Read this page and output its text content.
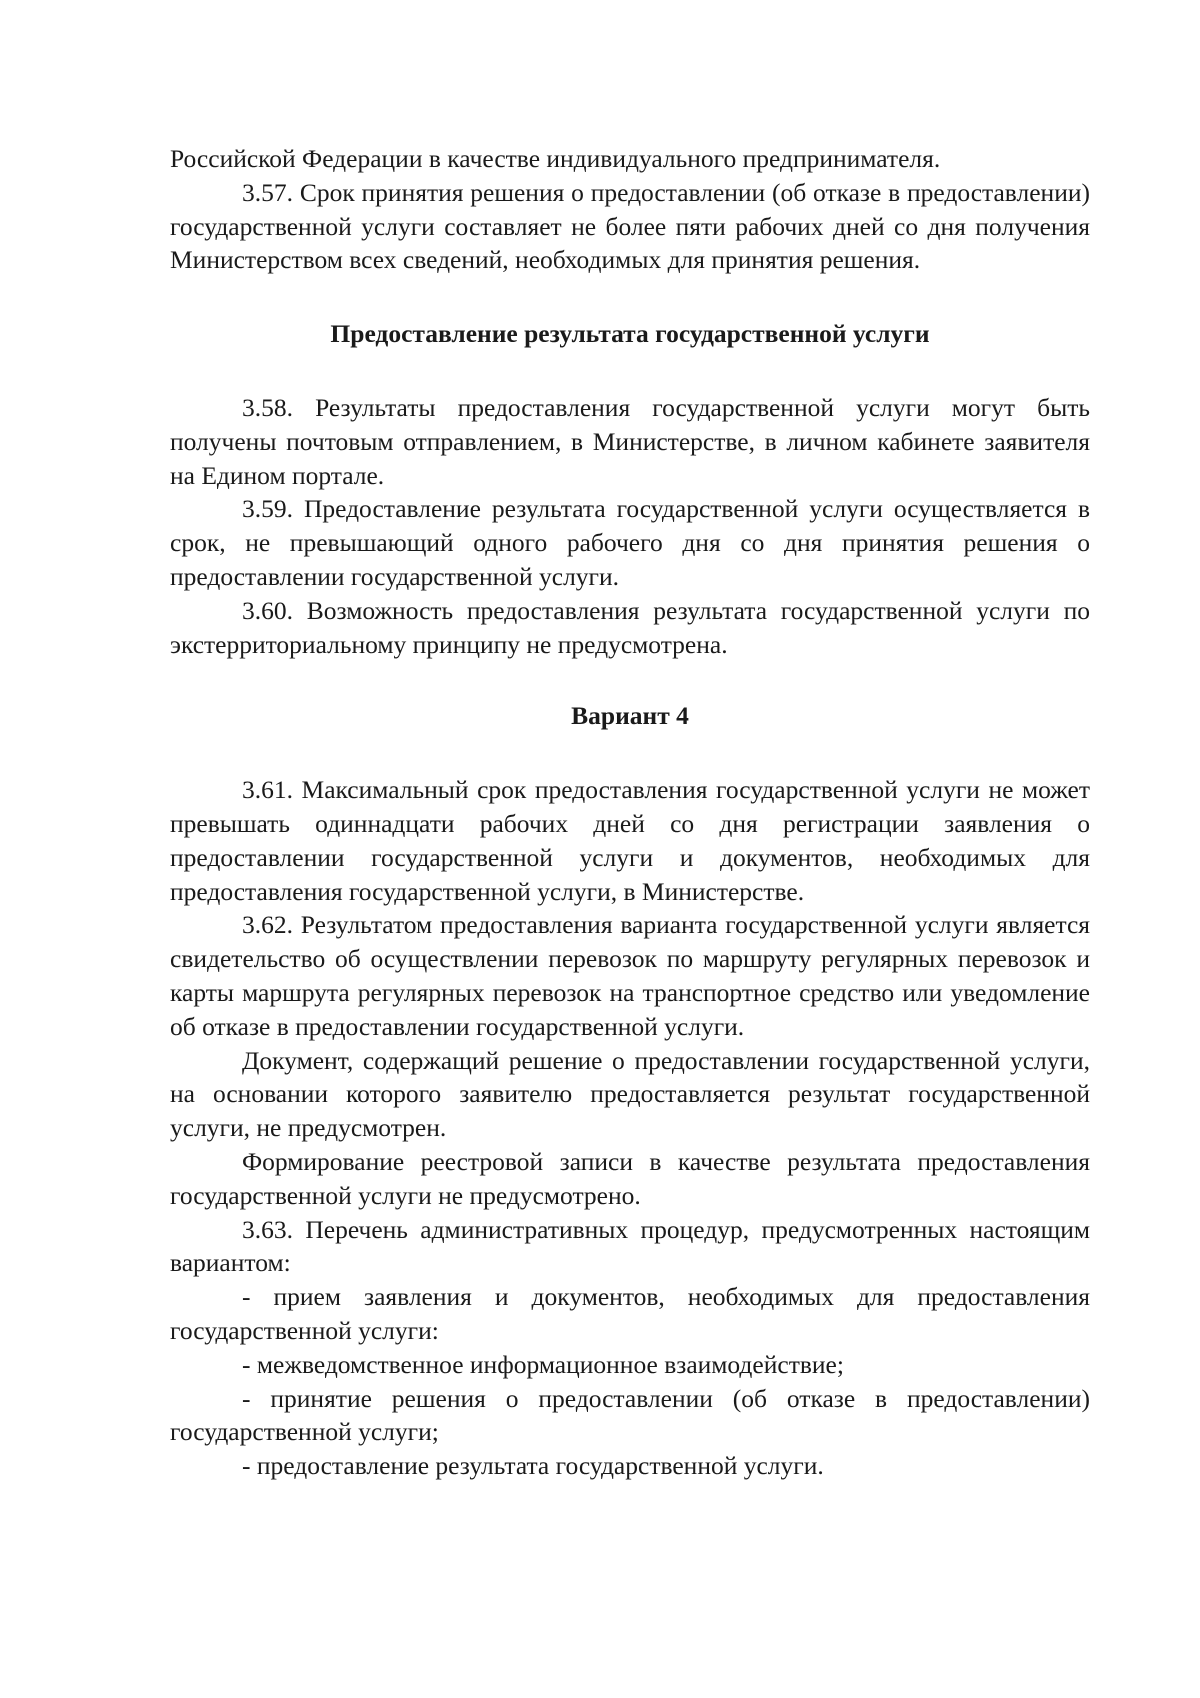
Российской Федерации в качестве индивидуального предпринимателя.

3.57. Срок принятия решения о предоставлении (об отказе в предоставлении) государственной услуги составляет не более пяти рабочих дней со дня получения Министерством всех сведений, необходимых для принятия решения.

Предоставление результата государственной услуги

3.58. Результаты предоставления государственной услуги могут быть получены почтовым отправлением, в Министерстве, в личном кабинете заявителя на Едином портале.

3.59. Предоставление результата государственной услуги осуществляется в срок, не превышающий одного рабочего дня со дня принятия решения о предоставлении государственной услуги.

3.60. Возможность предоставления результата государственной услуги по экстерриториальному принципу не предусмотрена.

Вариант 4

3.61. Максимальный срок предоставления государственной услуги не может превышать одиннадцати рабочих дней со дня регистрации заявления о предоставлении государственной услуги и документов, необходимых для предоставления государственной услуги, в Министерстве.

3.62. Результатом предоставления варианта государственной услуги является свидетельство об осуществлении перевозок по маршруту регулярных перевозок и карты маршрута регулярных перевозок на транспортное средство или уведомление об отказе в предоставлении государственной услуги.

Документ, содержащий решение о предоставлении государственной услуги, на основании которого заявителю предоставляется результат государственной услуги, не предусмотрен.

Формирование реестровой записи в качестве результата предоставления государственной услуги не предусмотрено.

3.63. Перечень административных процедур, предусмотренных настоящим вариантом:

- прием заявления и документов, необходимых для предоставления государственной услуги:

- межведомственное информационное взаимодействие;

- принятие решения о предоставлении (об отказе в предоставлении) государственной услуги;

- предоставление результата государственной услуги.
